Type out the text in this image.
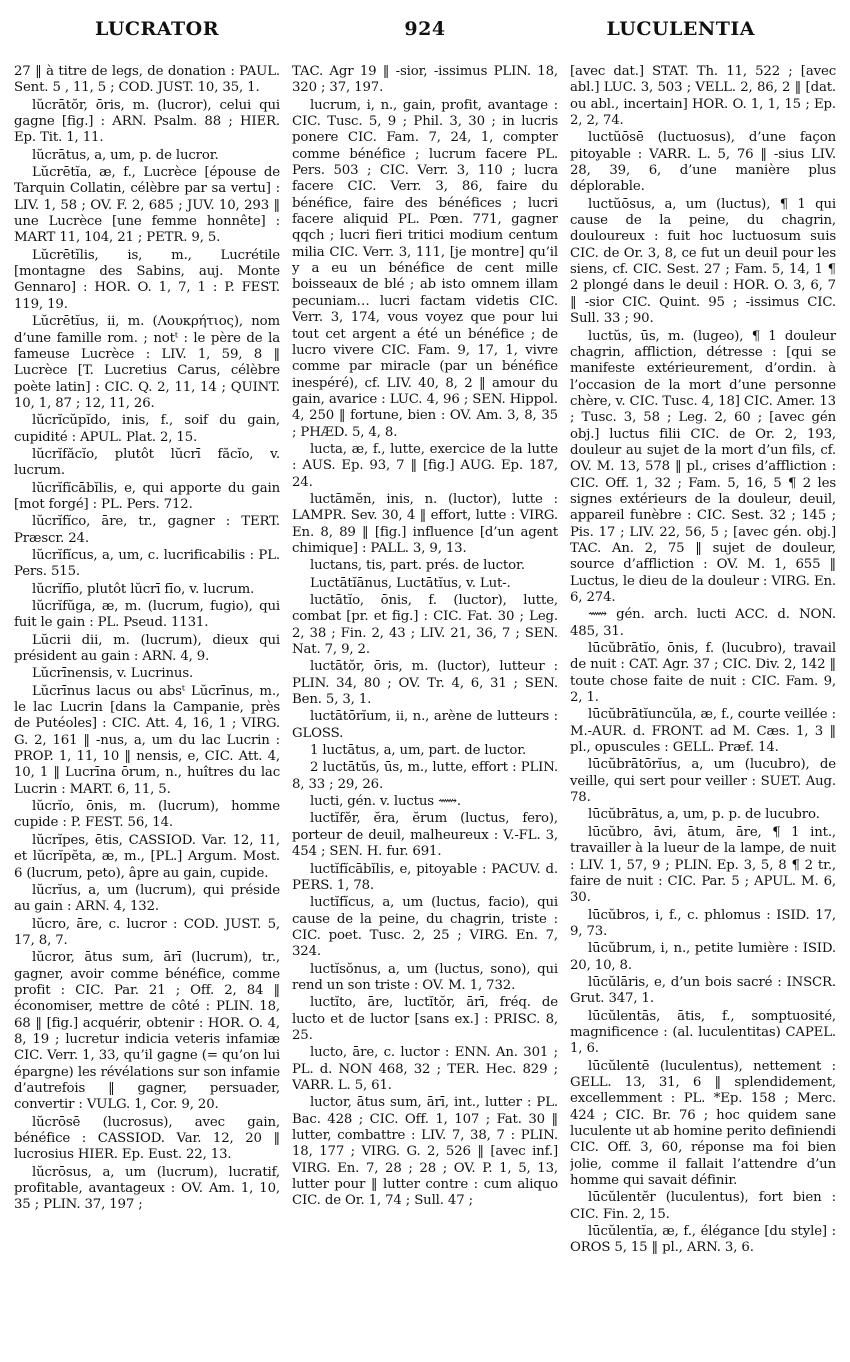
LUCRATOR	924	LUCULENTIA
27 ‖ à titre de legs, de donation : PAUL. Sent. 5 , 11, 5 ; COD. JUST. 10, 35, 1.
lŭcrātŏr, ōris, m. (lucror), celui qui gagne [fig.] : ARN. Psalm. 88 ; HIER. Ep. Tit. 1, 11.
lŭcrātus, a, um, p. de lucror.
Lŭcrētĭa, æ, f., Lucrèce [épouse de Tarquin Collatin, célèbre par sa vertu] : LIV. 1, 58 ; OV. F. 2, 685 ; JUV. 10, 293 ‖ une Lucrèce [une femme honnête] : MART 11, 104, 21 ; PETR. 9, 5.
Lŭcrētĭlis, is, m., Lucrétile [montagne des Sabins, auj. Monte Gennaro] : HOR. O. 1, 7, 1 : P. FEST. 119, 19.
Lŭcrētĭus, ii, m. (Λουκρήτιος), nom d’une famille rom. ; notᵗ : le père de la fameuse Lucrèce : LIV. 1, 59, 8 ‖ Lucrèce [T. Lucretius Carus, célèbre poète latin] : CIC. Q. 2, 11, 14 ; QUINT. 10, 1, 87 ; 12, 11, 26.
lŭcrĭcŭpĭdo, inis, f., soif du gain, cupidité : APUL. Plat. 2, 15.
lŭcrĭfăcĭo, plutôt lŭcrī făcĭo, v. lucrum.
lŭcrĭfĭcābĭlis, e, qui apporte du gain [mot forgé] : PL. Pers. 712.
lŭcrĭfĭco, āre, tr., gagner : TERT. Præscr. 24.
lŭcrĭfĭcus, a, um, c. lucrificabilis : PL. Pers. 515.
lŭcrĭfīo, plutôt lŭcrī fīo, v. lucrum.
lŭcrĭfŭga, æ, m. (lucrum, fugio), qui fuit le gain : PL. Pseud. 1131.
Lŭcrii dii, m. (lucrum), dieux qui président au gain : ARN. 4, 9.
Lŭcrīnensis, v. Lucrinus.
Lŭcrīnus lacus ou absᵗ Lŭcrīnus, m., le lac Lucrin [dans la Campanie, près de Putéoles] : CIC. Att. 4, 16, 1 ; VIRG. G. 2, 161 ‖ -nus, a, um du lac Lucrin : PROP. 1, 11, 10 ‖ nensis, e, CIC. Att. 4, 10, 1 ‖ Lucrīna ōrum, n., huîtres du lac Lucrin : MART. 6, 11, 5.
lŭcrĭo, ōnis, m. (lucrum), homme cupide : P. FEST. 56, 14.
lŭcrĭpes, ētis, CASSIOD. Var. 12, 11, et lŭcrĭpĕta, æ, m., [PL.] Argum. Most. 6 (lucrum, peto), âpre au gain, cupide.
lŭcrĭus, a, um (lucrum), qui préside au gain : ARN. 4, 132.
lŭcro, āre, c. lucror : COD. JUST. 5, 17, 8, 7.
lŭcror, ātus sum, ārī (lucrum), tr., gagner, avoir comme bénéfice, comme profit : CIC. Par. 21 ; Off. 2, 84 ‖ économiser, mettre de côté : PLIN. 18, 68 ‖ [fig.] acquérir, obtenir : HOR. O. 4, 8, 19 ; lucretur indicia veteris infamiæ CIC. Verr. 1, 33, qu’il gagne (= qu’on lui épargne) les révélations sur son infamie d’autrefois ‖ gagner, persuader, convertir : VULG. 1, Cor. 9, 20.
lŭcrōsē (lucrosus), avec gain, bénéfice : CASSIOD. Var. 12, 20 ‖ lucrosius HIER. Ep. Eust. 22, 13.
lŭcrōsus, a, um (lucrum), lucratif, profitable, avantageux : OV. Am. 1, 10, 35 ; PLIN. 37, 197 ;
TAC. Agr 19 ‖ -sior, -issimus PLIN. 18, 320 ; 37, 197.
lucrum, i, n., gain, profit, avantage : CIC. Tusc. 5, 9 ; Phil. 3, 30 ; in lucris ponere CIC. Fam. 7, 24, 1, compter comme bénéfice ; lucrum facere PL. Pers. 503 ; CIC. Verr. 3, 110 ; lucra facere CIC. Verr. 3, 86, faire du bénéfice, faire des bénéfices ; lucri facere aliquid PL. Pœn. 771, gagner qqch ; lucri fieri tritici modium centum milia CIC. Verr. 3, 111, [je montre] qu’il y a eu un bénéfice de cent mille boisseaux de blé ; ab isto omnem illam pecuniam… lucri factam videtis CIC. Verr. 3, 174, vous voyez que pour lui tout cet argent a été un bénéfice ; de lucro vivere CIC. Fam. 9, 17, 1, vivre comme par miracle (par un bénéfice inespéré), cf. LIV. 40, 8, 2 ‖ amour du gain, avarice : LUC. 4, 96 ; SEN. Hippol. 4, 250 ‖ fortune, bien : OV. Am. 3, 8, 35 ; PHÆD. 5, 4, 8.
lucta, æ, f., lutte, exercice de la lutte : AUS. Ep. 93, 7 ‖ [fig.] AUG. Ep. 187, 24.
luctāmĕn, inis, n. (luctor), lutte : LAMPR. Sev. 30, 4 ‖ effort, lutte : VIRG. En. 8, 89 ‖ [fig.] influence [d’un agent chimique] : PALL. 3, 9, 13.
luctans, tis, part. prés. de luctor.
Luctātĭānus, Luctātĭus, v. Lut-.
luctātĭo, ōnis, f. (luctor), lutte, combat [pr. et fig.] : CIC. Fat. 30 ; Leg. 2, 38 ; Fin. 2, 43 ; LIV. 21, 36, 7 ; SEN. Nat. 7, 9, 2.
luctātŏr, ōris, m. (luctor), lutteur : PLIN. 34, 80 ; OV. Tr. 4, 6, 31 ; SEN. Ben. 5, 3, 1.
luctātōrĭum, ii, n., arène de lutteurs : GLOSS.
1 luctātus, a, um, part. de luctor.
2 luctātŭs, ūs, m., lutte, effort : PLIN. 8, 33 ; 29, 26.
lucti, gén. v. luctus ⟿.
luctĭfĕr, ĕra, ĕrum (luctus, fero), porteur de deuil, malheureux : V.-FL. 3, 454 ; SEN. H. fur. 691.
luctĭfĭcābĭlis, e, pitoyable : PACUV. d. PERS. 1, 78.
luctĭfĭcus, a, um (luctus, facio), qui cause de la peine, du chagrin, triste : CIC. poet. Tusc. 2, 25 ; VIRG. En. 7, 324.
luctĭsŏnus, a, um (luctus, sono), qui rend un son triste : OV. M. 1, 732.
luctĭto, āre, luctĭtŏr, ārī, fréq. de lucto et de luctor [sans ex.] : PRISC. 8, 25.
lucto, āre, c. luctor : ENN. An. 301 ; PL. d. NON 468, 32 ; TER. Hec. 829 ; VARR. L. 5, 61.
luctor, ātus sum, ārī, int., lutter : PL. Bac. 428 ; CIC. Off. 1, 107 ; Fat. 30 ‖ lutter, combattre : LIV. 7, 38, 7 : PLIN. 18, 177 ; VIRG. G. 2, 526 ‖ [avec inf.] VIRG. En. 7, 28 ; 28 ; OV. P. 1, 5, 13, lutter pour ‖ lutter contre : cum aliquo CIC. de Or. 1, 74 ; Sull. 47 ;
[avec dat.] STAT. Th. 11, 522 ; [avec abl.] LUC. 3, 503 ; VELL. 2, 86, 2 ‖ [dat. ou abl., incertain] HOR. O. 1, 1, 15 ; Ep. 2, 2, 74.
luctŭōsē (luctuosus), d’une façon pitoyable : VARR. L. 5, 76 ‖ -sius LIV. 28, 39, 6, d’une manière plus déplorable.
luctŭōsus, a, um (luctus), ¶ 1 qui cause de la peine, du chagrin, douloureux : fuit hoc luctuosum suis CIC. de Or. 3, 8, ce fut un deuil pour les siens, cf. CIC. Sest. 27 ; Fam. 5, 14, 1 ¶ 2 plongé dans le deuil : HOR. O. 3, 6, 7 ‖ -sior CIC. Quint. 95 ; -issimus CIC. Sull. 33 ; 90.
luctŭs, ūs, m. (lugeo), ¶ 1 douleur chagrin, affliction, détresse : [qui se manifeste extérieurement, d’ordin. à l’occasion de la mort d’une personne chère, v. CIC. Tusc. 4, 18] CIC. Amer. 13 ; Tusc. 3, 58 ; Leg. 2, 60 ; [avec gén obj.] luctus filii CIC. de Or. 2, 193, douleur au sujet de la mort d’un fils, cf. OV. M. 13, 578 ‖ pl., crises d’affliction : CIC. Off. 1, 32 ; Fam. 5, 16, 5 ¶ 2 les signes extérieurs de la douleur, deuil, appareil funèbre : CIC. Sest. 32 ; 145 ; Pis. 17 ; LIV. 22, 56, 5 ; [avec gén. obj.] TAC. An. 2, 75 ‖ sujet de douleur, source d’affliction : OV. M. 1, 655 ‖ Luctus, le dieu de la douleur : VIRG. En. 6, 274.
⟿ gén. arch. lucti ACC. d. NON. 485, 31.
lūcŭbrātĭo, ōnis, f. (lucubro), travail de nuit : CAT. Agr. 37 ; CIC. Div. 2, 142 ‖ toute chose faite de nuit : CIC. Fam. 9, 2, 1.
lūcŭbrātĭuncŭla, æ, f., courte veillée : M.-AUR. d. FRONT. ad M. Cæs. 1, 3 ‖ pl., opuscules : GELL. Præf. 14.
lūcŭbrātōrĭus, a, um (lucubro), de veille, qui sert pour veiller : SUET. Aug. 78.
lūcŭbrātus, a, um, p. p. de lucubro.
lūcŭbro, āvi, ātum, āre, ¶ 1 int., travailler à la lueur de la lampe, de nuit : LIV. 1, 57, 9 ; PLIN. Ep. 3, 5, 8 ¶ 2 tr., faire de nuit : CIC. Par. 5 ; APUL. M. 6, 30.
lūcŭbros, i, f., c. phlomus : ISID. 17, 9, 73.
lūcŭbrum, i, n., petite lumière : ISID. 20, 10, 8.
lūcŭlāris, e, d’un bois sacré : INSCR. Grut. 347, 1.
lūcŭlentās, ātis, f., somptuosité, magnificence : (al. luculentitas) CAPEL. 1, 6.
lūcŭlentē (luculentus), nettement : GELL. 13, 31, 6 ‖ splendidement, excellemment : PL. *Ep. 158 ; Merc. 424 ; CIC. Br. 76 ; hoc quidem sane luculente ut ab homine perito definiendi CIC. Off. 3, 60, réponse ma foi bien jolie, comme il fallait l’attendre d’un homme qui savait définir.
lūcŭlentĕr (luculentus), fort bien : CIC. Fin. 2, 15.
lūcŭlentĭa, æ, f., élégance [du style] : OROS 5, 15 ‖ pl., ARN. 3, 6.
